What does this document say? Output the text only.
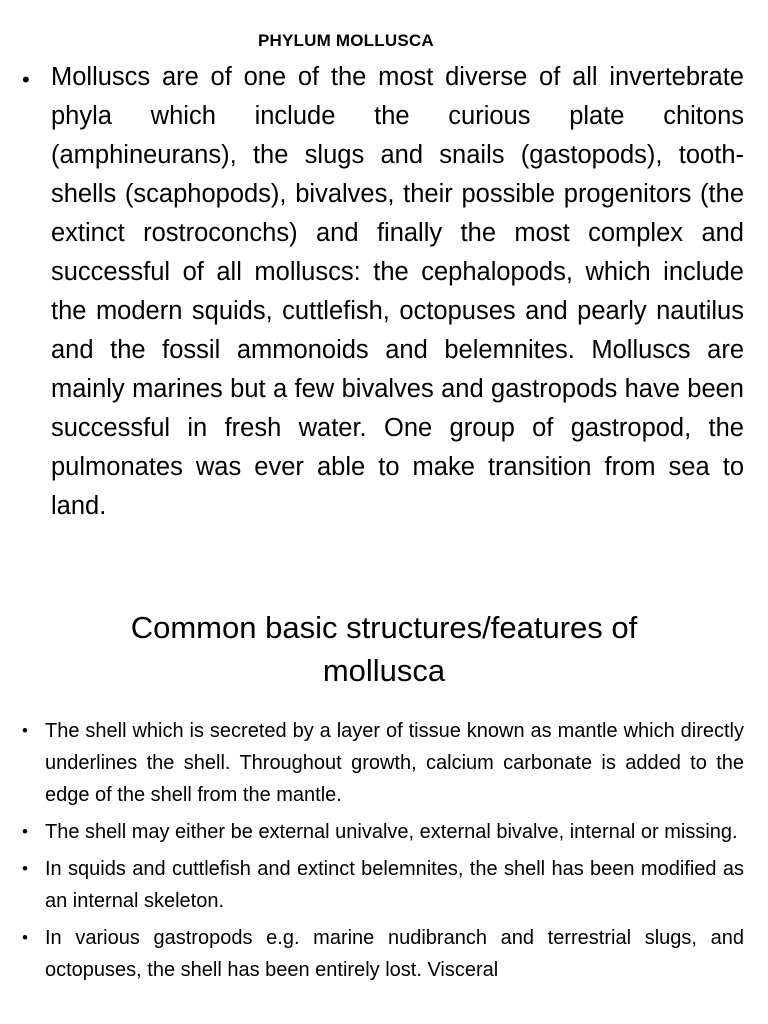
PHYLUM MOLLUSCA
• Molluscs are of one of the most diverse of all invertebrate phyla which include the curious plate chitons (amphineurans), the slugs and snails (gastopods), tooth-shells (scaphopods), bivalves, their possible progenitors (the extinct rostroconchs) and finally the most complex and successful of all molluscs: the cephalopods, which include the modern squids, cuttlefish, octopuses and pearly nautilus and the fossil ammonoids and belemnites. Molluscs are mainly marines but a few bivalves and gastropods have been successful in fresh water. One group of gastropod, the pulmonates was ever able to make transition from sea to land.
Common basic structures/features of mollusca
• The shell which is secreted by a layer of tissue known as mantle which directly underlines the shell. Throughout growth, calcium carbonate is added to the edge of the shell from the mantle.
• The shell may either be external univalve, external bivalve, internal or missing.
• In squids and cuttlefish and extinct belemnites, the shell has been modified as an internal skeleton.
• In various gastropods e.g. marine nudibranch and terrestrial slugs, and octopuses, the shell has been entirely lost. Visceral
